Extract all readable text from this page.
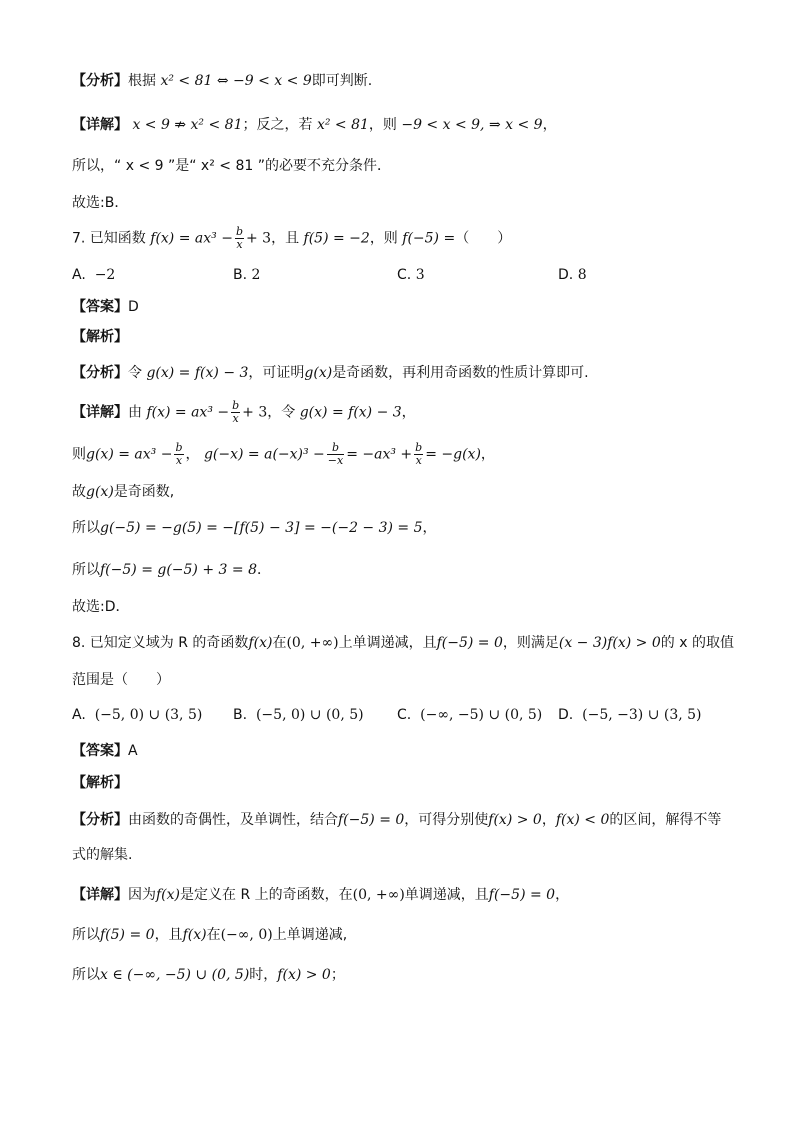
【分析】根据 x² < 81 ⇔ −9 < x < 9即可判断.
【详解】 x < 9 ⇏ x² < 81；反之，若 x² < 81，则 −9 < x < 9, ⇒ x < 9，
所以，“ x < 9 ”是“ x² < 81 ”的必要不充分条件．
故选:B．
7. 已知函数 $f(x) = ax^3 - \frac{b}{x} + 3$，且 f(5) = −2，则 f(−5) =（　　）
A. −2	B. 2	C. 3	D. 8
【答案】D
【解析】
【分析】令 g(x) = f(x) − 3，可证明g(x)是奇函数，再利用奇函数的性质计算即可.
【详解】由 $f(x) = ax^3 - \frac{b}{x} + 3$，令 g(x) = f(x) − 3，
则$g(x) = ax^3 - \frac{b}{x}$ ， $g(-x) = a(-x)^3 - \frac{b}{-x} = -ax^3 + \frac{b}{x} = -g(x)$，
故g(x)是奇函数,
所以g(−5) = −g(5) = −[f(5) − 3] = −(−2 − 3) = 5，
所以f(−5) = g(−5) + 3 = 8．
故选:D．
8. 已知定义域为 R 的奇函数f(x)在(0, +∞)上单调递减，且f(−5) = 0，则满足(x − 3)f(x) > 0的 x 的取值
范围是（　　）
A. (−5, 0) ∪ (3, 5) B. (−5, 0) ∪ (0, 5) C. (−∞, −5) ∪ (0, 5) D. (−5, −3) ∪ (3, 5)
【答案】A
【解析】
【分析】由函数的奇偶性，及单调性，结合f(−5) = 0，可得分别使f(x) > 0，f(x) < 0的区间，解得不等
式的解集.
【详解】因为f(x)是定义在 R 上的奇函数，在(0, +∞)单调递减，且f(−5) = 0，
所以f(5) = 0，且f(x)在(−∞, 0)上单调递减,
所以x ∈ (−∞, −5) ∪ (0, 5)时，f(x) > 0；
